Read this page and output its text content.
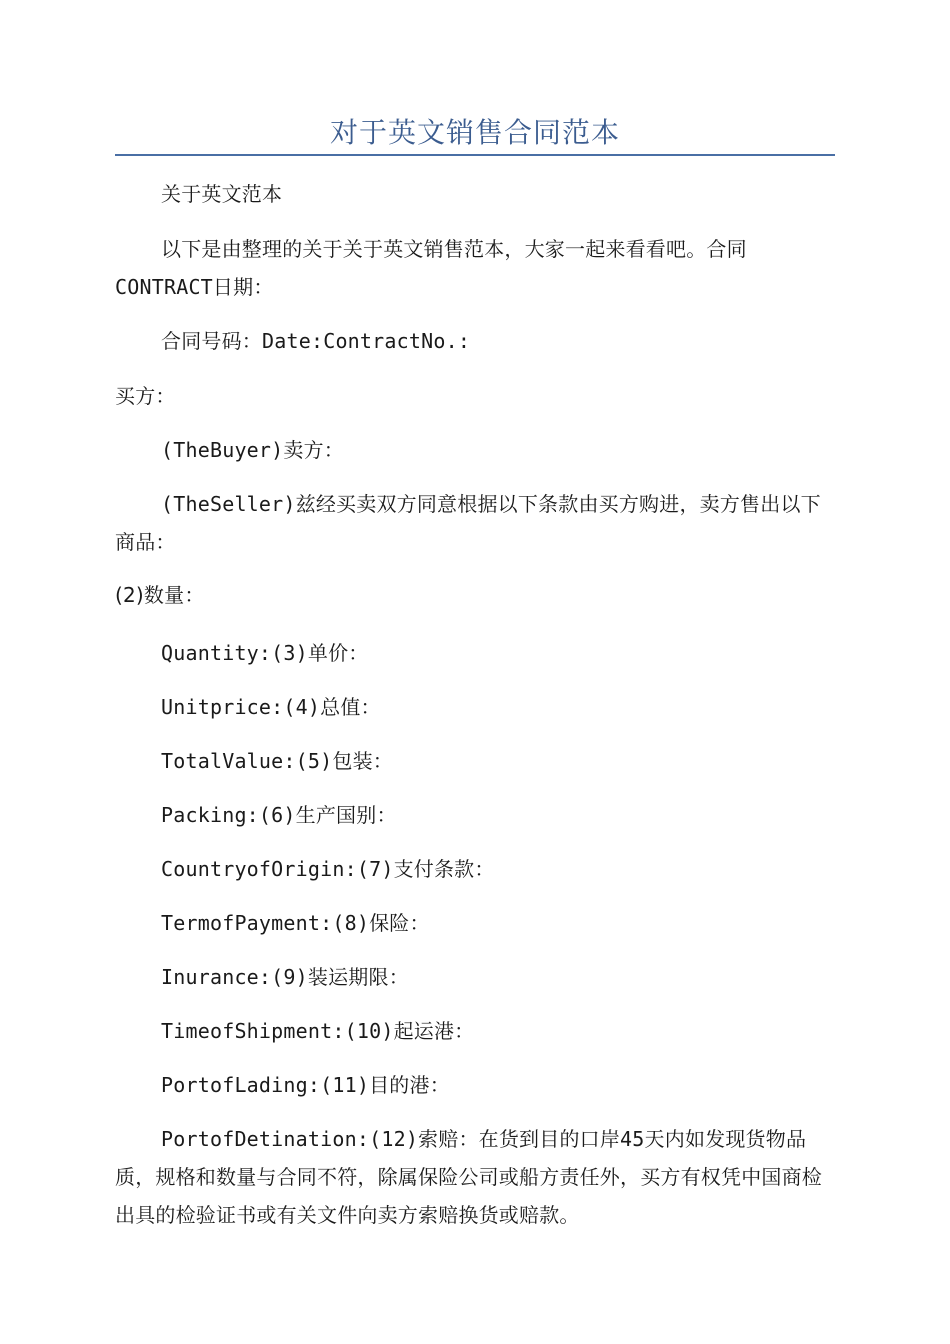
对于英文销售合同范本
关于英文范本
以下是由整理的关于关于英文销售范本，大家一起来看看吧。合同CONTRACT日期：
合同号码：Date:ContractNo.:
买方：
(TheBuyer)卖方：
(TheSeller)兹经买卖双方同意根据以下条款由买方购进，卖方售出以下商品：
(2)数量：
Quantity:(3)单价：
Unitprice:(4)总值：
TotalValue:(5)包装：
Packing:(6)生产国别：
CountryofOrigin:(7)支付条款：
TermofPayment:(8)保险：
Inurance:(9)装运期限：
TimeofShipment:(10)起运港：
PortofLading:(11)目的港：
PortofDetination:(12)索赔：在货到目的口岸45天内如发现货物品质，规格和数量与合同不符，除属保险公司或船方责任外，买方有权凭中国商检出具的检验证书或有关文件向卖方索赔换货或赔款。
